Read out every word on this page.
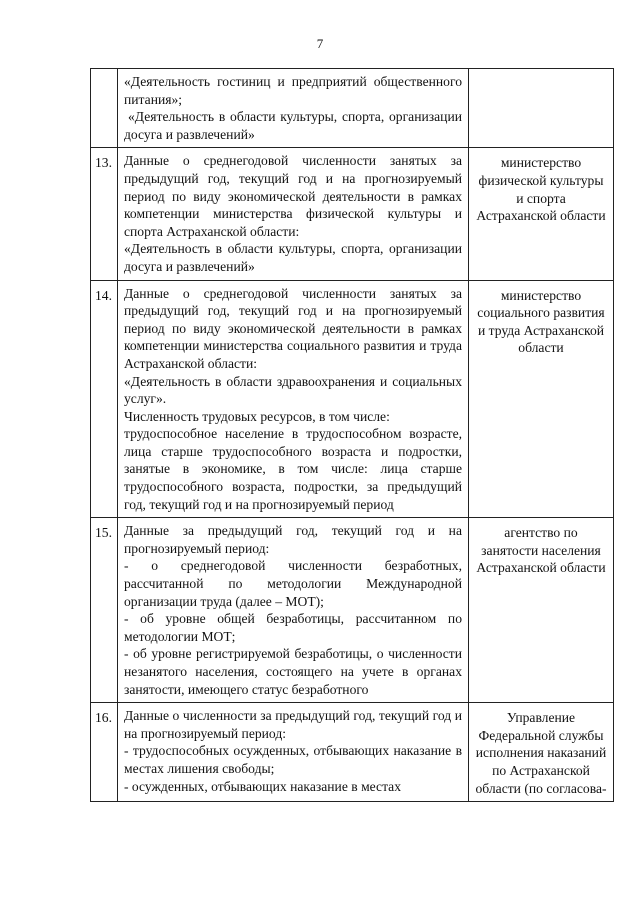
7

	«Деятельность гостиниц и предприятий общественного питания»;

«Деятельность в области культуры, спорта, организации досуга и развлечений»	

13.	Данные о среднегодовой численности занятых за предыдущий год, текущий год и на прогнозируемый период по виду экономической деятельности в рамках компетенции министерства физической культуры и спорта Астраханской области:

«Деятельность в области культуры, спорта, организации досуга и развлечений»	министерство физической культуры и спорта Астраханской области
14.	Данные о среднегодовой численности занятых за предыдущий год, текущий год и на прогнозируемый период по виду экономической деятельности в рамках компетенции министерства социального развития и труда Астраханской области:

«Деятельность в области здравоохранения и социальных услуг».

Численность трудовых ресурсов, в том числе:

трудоспособное население в трудоспособном возрасте, лица старше трудоспособного возраста и подростки, занятые в экономике, в том числе: лица старше трудоспособного возраста, подростки, за предыдущий год, текущий год и на прогнозируемый период	министерство социального развития и труда Астраханской области
15.	Данные за предыдущий год, текущий год и на прогнозируемый период:

- о среднегодовой численности безработных, рассчитанной по методологии Международной организации труда (далее – МОТ);

- об уровне общей безработицы, рассчитанном по методологии МОТ;

- об уровне регистрируемой безработицы, о численности незанятого населения, состоящего на учете в органах занятости, имеющего статус безработного	агентство по занятости населения Астраханской области
16.	Данные о численности за предыдущий год, текущий год и на прогнозируемый период:

- трудоспособных осужденных, отбывающих наказание в местах лишения свободы;

- осужденных, отбывающих наказание в местах	Управление Федеральной службы исполнения наказаний по Астраханской области (по согласова-
